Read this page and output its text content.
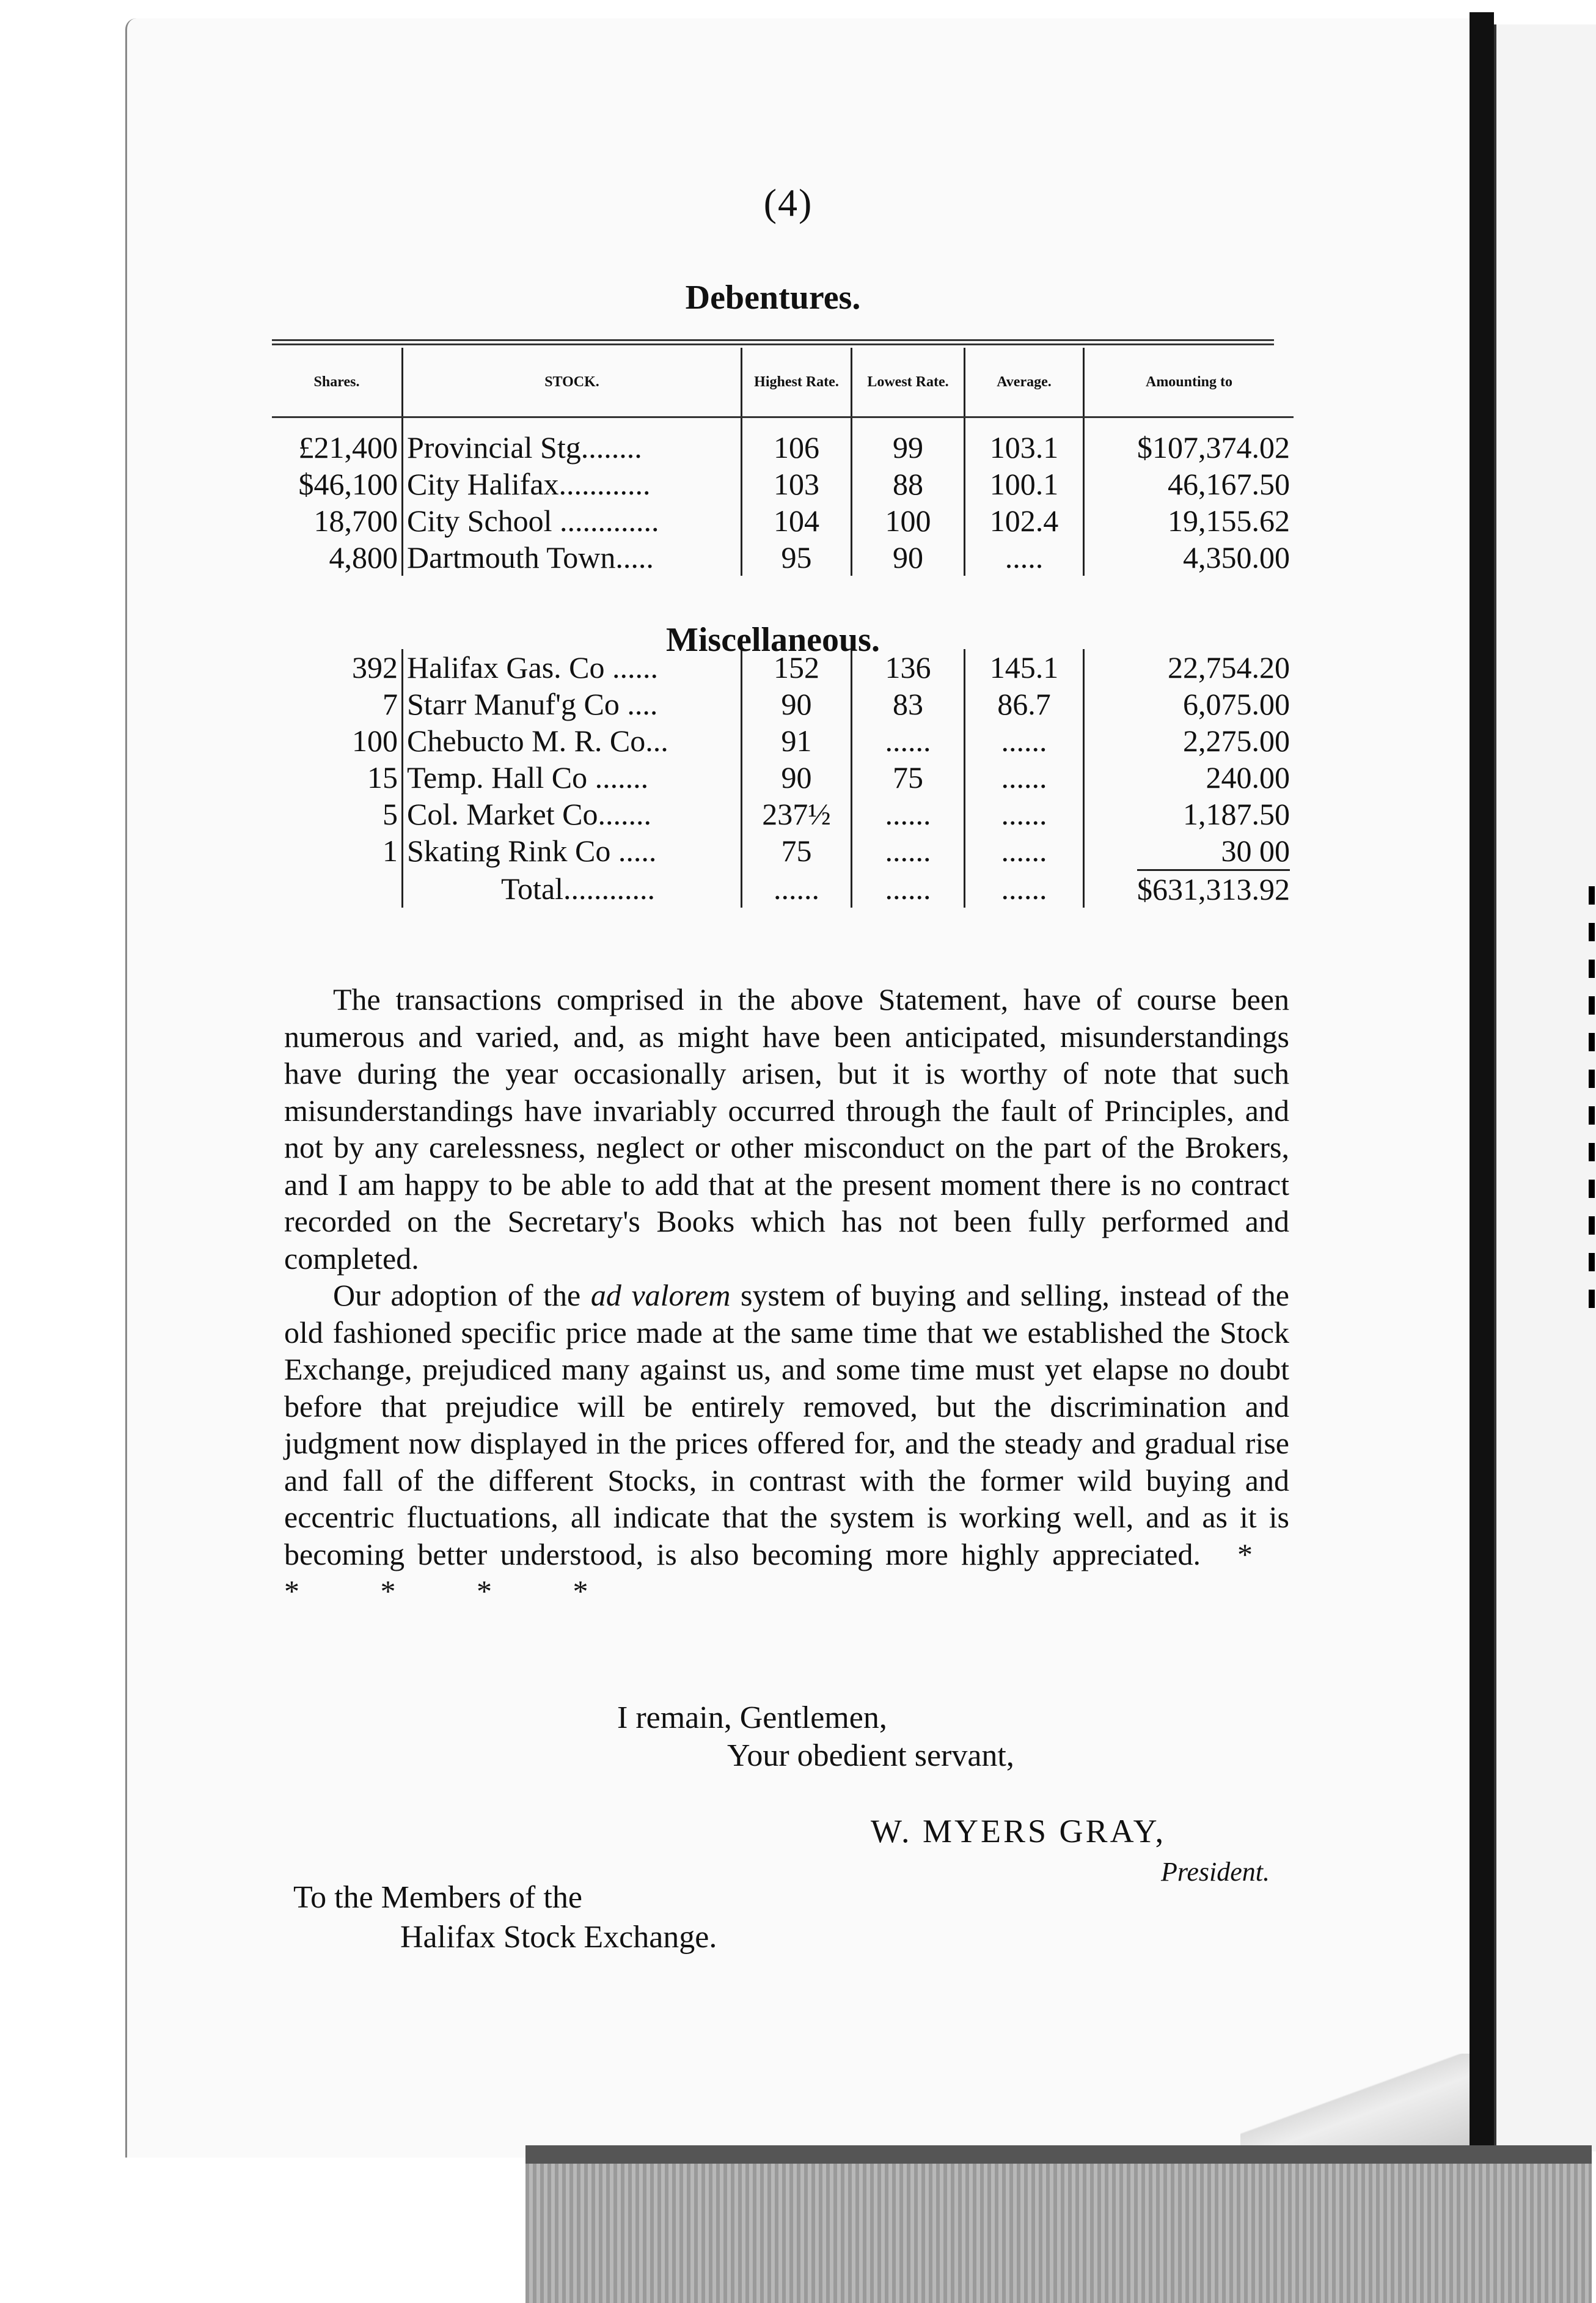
(4)
Debentures.
Shares.	STOCK.	Highest Rate.	Lowest Rate.	Average.	Amounting to
£21,400	Provincial Stg........	106	99	103.1	$107,374.02
$46,100	City Halifax............	103	88	100.1	46,167.50
18,700	City School .............	104	100	102.4	19,155.62
4,800	Dartmouth Town.....	95	90	.....	4,350.00

392	Halifax Gas. Co ......	152	136	145.1	22,754.20
7	Starr Manuf'g Co ....	90	83	86.7	6,075.00
100	Chebucto M. R. Co...	91	......	......	2,275.00
15	Temp. Hall Co .......	90	75	......	240.00
5	Col. Market Co.......	237½	......	......	1,187.50
1	Skating Rink Co .....	75	......	......	30 00
	Total............	......	......	......	$631,313.92
Miscellaneous.

The transactions comprised in the above Statement, have of course been numerous and varied, and, as might have been anticipated, misunderstandings have during the year occasionally arisen, but it is worthy of note that such misunderstandings have invariably occurred through the fault of Principles, and not by any carelessness, neglect or other misconduct on the part of the Brokers, and I am happy to be able to add that at the present moment there is no contract recorded on the Secretary's Books which has not been fully performed and completed.

Our adoption of the ad valorem system of buying and selling, instead of the old fashioned specific price made at the same time that we established the Stock Exchange, prejudiced many against us, and some time must yet elapse no doubt before that prejudice will be entirely removed, but the discrimination and judgment now displayed in the prices offered for, and the steady and gradual rise and fall of the different Stocks, in contrast with the former wild buying and eccentric fluctuations, all indicate that the system is working well, and as it is becoming better understood, is also becoming more highly appreciated. * * * * *

I remain, Gentlemen,
Your obedient servant,
W. MYERS GRAY,
President.
To the Members of the
Halifax Stock Exchange.
